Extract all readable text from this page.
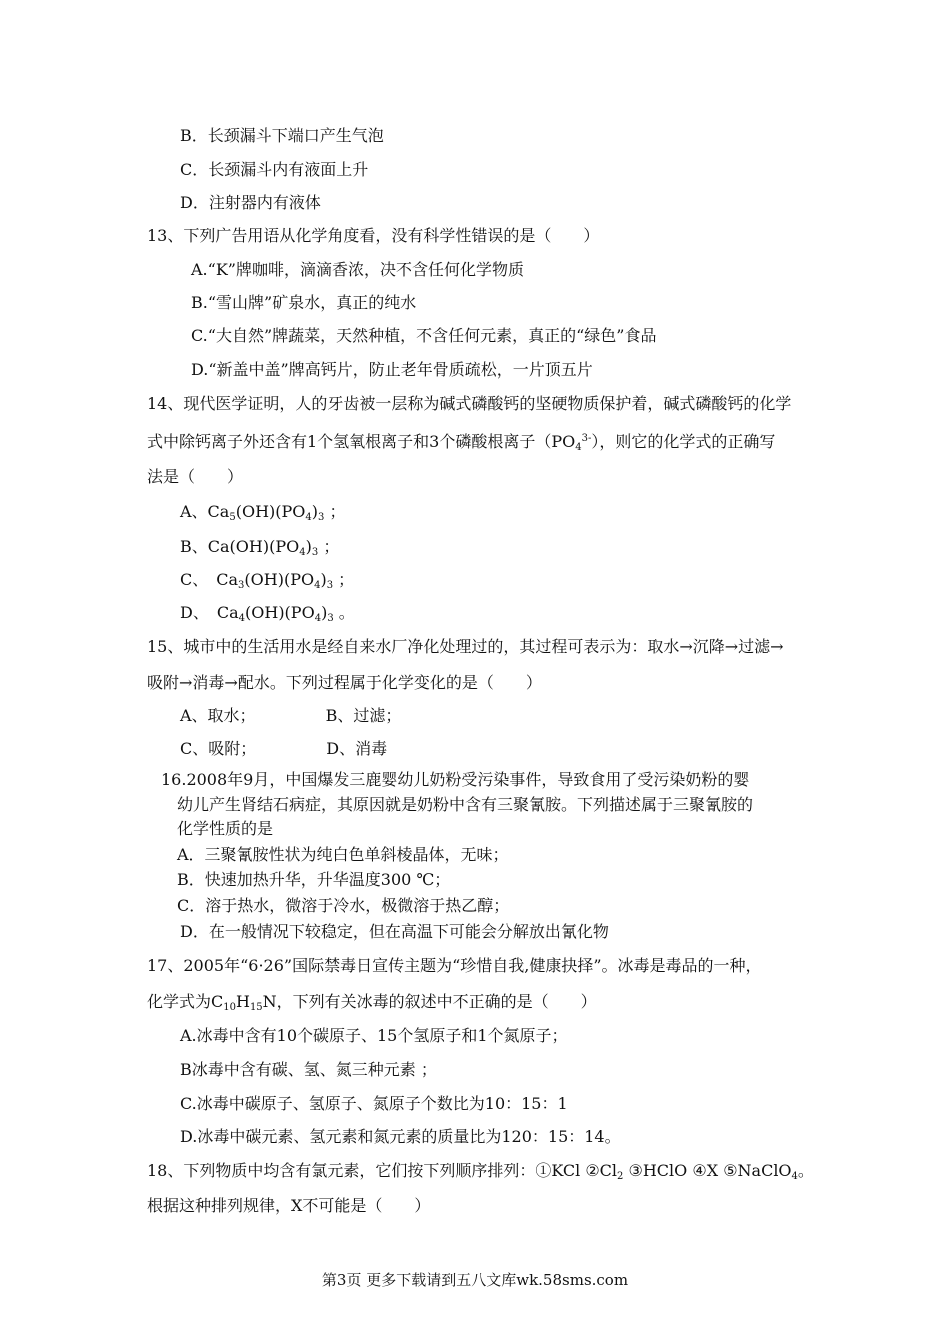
B．长颈漏斗下端口产生气泡
C．长颈漏斗内有液面上升
D．注射器内有液体
13、下列广告用语从化学角度看，没有科学性错误的是（　　）
A.“K”牌咖啡，滴滴香浓，决不含任何化学物质
B.“雪山牌”矿泉水，真正的纯水
C.“大自然”牌蔬菜，天然种植，不含任何元素，真正的“绿色”食品
D.“新盖中盖”牌高钙片，防止老年骨质疏松，一片顶五片
14、现代医学证明，人的牙齿被一层称为碱式磷酸钙的坚硬物质保护着，碱式磷酸钙的化学
式中除钙离子外还含有1个氢氧根离子和3个磷酸根离子$(PO_4^{3-})$，则它的化学式的正确写
法是（　　）
A、$Ca_5(OH)(PO_4)_3$ ；
B、$Ca(OH)(PO_4)_3$ ；
C、　$Ca_3(OH)(PO_4)_3$ ；
D、　$Ca_4(OH)(PO_4)_3$ 。
15、城市中的生活用水是经自来水厂净化处理过的，其过程可表示为：取水→沉降→过滤→
吸附→消毒→配水。下列过程属于化学变化的是（　　）
A、取水；	B、过滤；
C、吸附；	D、消毒
16.2008年9月，中国爆发三鹿婴幼儿奶粉受污染事件，导致食用了受污染奶粉的婴
幼儿产生肾结石病症，其原因就是奶粉中含有三聚氰胺。下列描述属于三聚氰胺的
化学性质的是
A．三聚氰胺性状为纯白色单斜棱晶体，无味；
B．快速加热升华，升华温度300 ℃；
C．溶于热水，微溶于冷水，极微溶于热乙醇；
D．在一般情况下较稳定，但在高温下可能会分解放出氰化物
17、2005年“6·26”国际禁毒日宣传主题为“珍惜自我,健康抉择”。冰毒是毒品的一种，
化学式为$C_{10}H_{15}N$，下列有关冰毒的叙述中不正确的是（　　）
A.冰毒中含有10个碳原子、15个氢原子和1个氮原子；
B冰毒中含有碳、氢、氮三种元素 ；
C.冰毒中碳原子、氢原子、氮原子个数比为10：15：1
D.冰毒中碳元素、氢元素和氮元素的质量比为120：15：14。
18、下列物质中均含有氯元素，它们按下列顺序排列：①KCl $②Cl_2$ ③HClO ④X ⑤NaClO$_4$。
根据这种排列规律，X不可能是（　　）
第3页 更多下载请到五八文库wk.58sms.com
